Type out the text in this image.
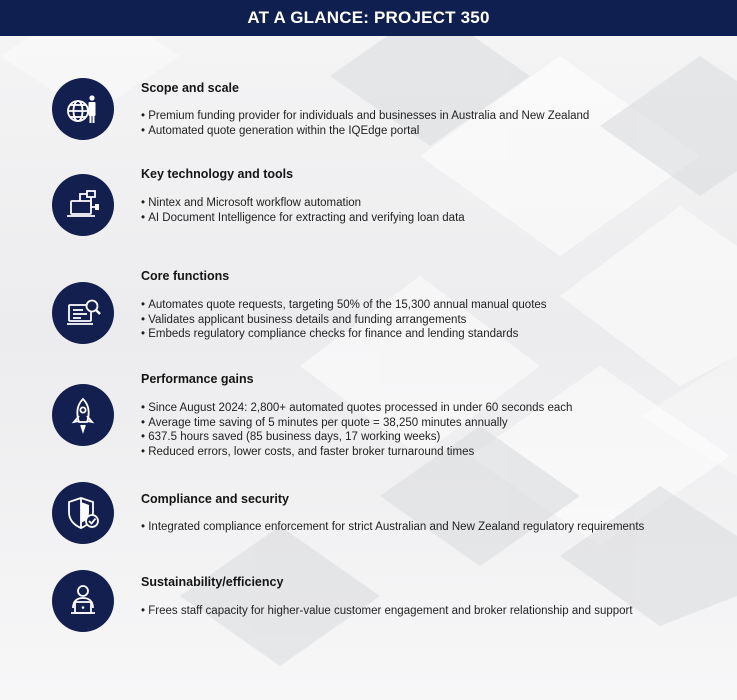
AT A GLANCE: PROJECT 350
Scope and scale
• Premium funding provider for individuals and businesses in Australia and New Zealand
• Automated quote generation within the IQEdge portal
Key technology and tools
• Nintex and Microsoft workflow automation
• AI Document Intelligence for extracting and verifying loan data
Core functions
• Automates quote requests, targeting 50% of the 15,300 annual manual quotes
• Validates applicant business details and funding arrangements
• Embeds regulatory compliance checks for finance and lending standards
Performance gains
• Since August 2024: 2,800+ automated quotes processed in under 60 seconds each
• Average time saving of 5 minutes per quote = 38,250 minutes annually
• 637.5 hours saved (85 business days, 17 working weeks)
• Reduced errors, lower costs, and faster broker turnaround times
Compliance and security
• Integrated compliance enforcement for strict Australian and New Zealand regulatory requirements
Sustainability/efficiency
• Frees staff capacity for higher-value customer engagement and broker relationship and support
